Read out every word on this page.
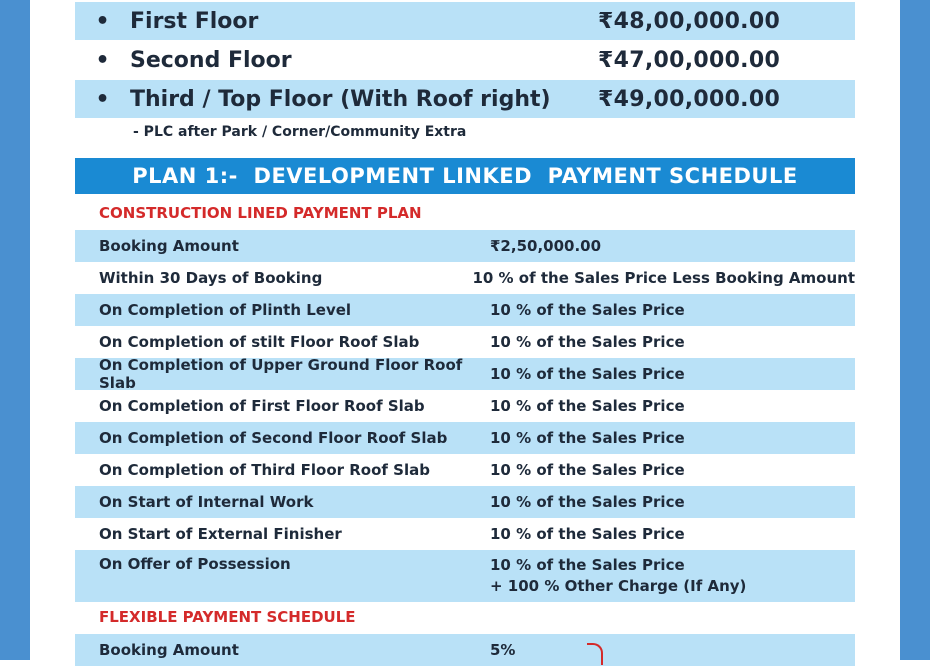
• First Floor	₹48,00,000.00
• Second Floor	₹47,00,000.00
• Third / Top Floor (With Roof right)	₹49,00,000.00
- PLC after Park / Corner/Community Extra
PLAN 1:-  DEVELOPMENT LINKED  PAYMENT SCHEDULE
CONSTRUCTION LINED PAYMENT PLAN
Booking Amount	₹2,50,000.00
Within 30 Days of Booking	10 % of the Sales Price Less Booking Amount
On Completion of Plinth Level	10 % of the Sales Price
On Completion of stilt Floor Roof Slab	10 % of the Sales Price
On Completion of Upper Ground Floor Roof Slab	10 % of the Sales Price
On Completion of First Floor Roof Slab	10 % of the Sales Price
On Completion of Second Floor Roof Slab	10 % of the Sales Price
On Completion of Third Floor Roof Slab	10 % of the Sales Price
On Start of Internal Work	10 % of the Sales Price
On Start of External Finisher	10 % of the Sales Price
On Offer of Possession	10 % of the Sales Price
+ 100 % Other Charge (If Any)
FLEXIBLE PAYMENT SCHEDULE
Booking Amount	5%
